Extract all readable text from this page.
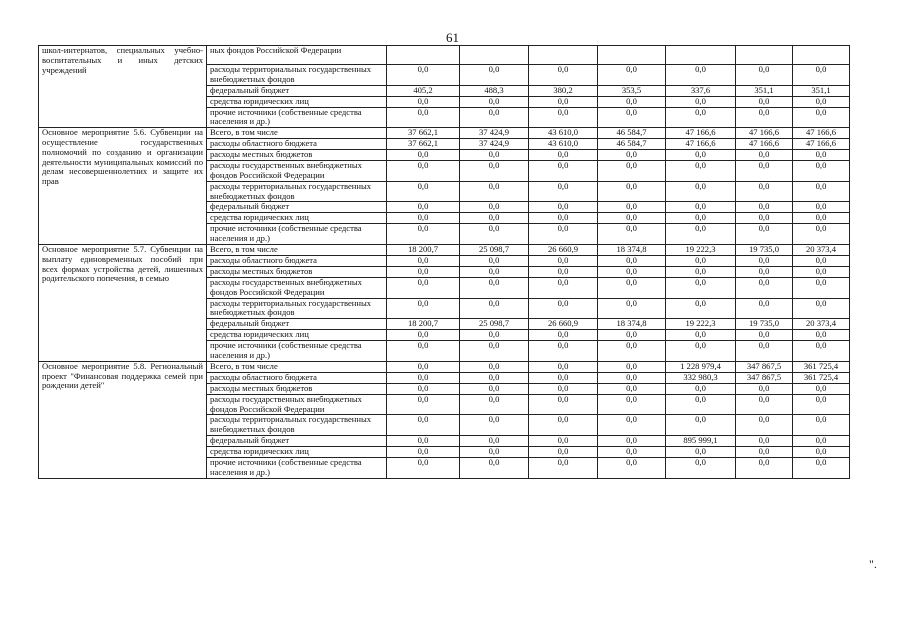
61
школ-интернатов, специальных учебно-воспитательных и иных детских учреждений	ных фондов Российской Федерации							
	расходы территориальных государственных внебюджетных фондов	0,0	0,0	0,0	0,0	0,0	0,0	0,0
	федеральный бюджет	405,2	488,3	380,2	353,5	337,6	351,1	351,1
	средства юридических лиц	0,0	0,0	0,0	0,0	0,0	0,0	0,0
	прочие источники (собственные средства населения и др.)	0,0	0,0	0,0	0,0	0,0	0,0	0,0
Основное мероприятие 5.6. Субвенции на осуществление государственных полномочий по созданию и организации деятельности муниципальных комиссий по делам несовершеннолетних и защите их прав	Всего, в том числе	37 662,1	37 424,9	43 610,0	46 584,7	47 166,6	47 166,6	47 166,6
	расходы областного бюджета	37 662,1	37 424,9	43 610,0	46 584,7	47 166,6	47 166,6	47 166,6
	расходы местных бюджетов	0,0	0,0	0,0	0,0	0,0	0,0	0,0
	расходы государственных внебюджетных фондов Российской Федерации	0,0	0,0	0,0	0,0	0,0	0,0	0,0
	расходы территориальных государственных внебюджетных фондов	0,0	0,0	0,0	0,0	0,0	0,0	0,0
	федеральный бюджет	0,0	0,0	0,0	0,0	0,0	0,0	0,0
	средства юридических лиц	0,0	0,0	0,0	0,0	0,0	0,0	0,0
	прочие источники (собственные средства населения и др.)	0,0	0,0	0,0	0,0	0,0	0,0	0,0
Основное мероприятие 5.7. Субвенции на выплату единовременных пособий при всех формах устройства детей, лишенных родительского попечения, в семью	Всего, в том числе	18 200,7	25 098,7	26 660,9	18 374,8	19 222,3	19 735,0	20 373,4
	расходы областного бюджета	0,0	0,0	0,0	0,0	0,0	0,0	0,0
	расходы местных бюджетов	0,0	0,0	0,0	0,0	0,0	0,0	0,0
	расходы государственных внебюджетных фондов Российской Федерации	0,0	0,0	0,0	0,0	0,0	0,0	0,0
	расходы территориальных государственных внебюджетных фондов	0,0	0,0	0,0	0,0	0,0	0,0	0,0
	федеральный бюджет	18 200,7	25 098,7	26 660,9	18 374,8	19 222,3	19 735,0	20 373,4
	средства юридических лиц	0,0	0,0	0,0	0,0	0,0	0,0	0,0
	прочие источники (собственные средства населения и др.)	0,0	0,0	0,0	0,0	0,0	0,0	0,0
Основное мероприятие 5.8. Региональный проект "Финансовая поддержка семей при рождении детей"	Всего, в том числе	0,0	0,0	0,0	0,0	1 228 979,4	347 867,5	361 725,4
	расходы областного бюджета	0,0	0,0	0,0	0,0	332 980,3	347 867,5	361 725,4
	расходы местных бюджетов	0,0	0,0	0,0	0,0	0,0	0,0	0,0
	расходы государственных внебюджетных фондов Российской Федерации	0,0	0,0	0,0	0,0	0,0	0,0	0,0
	расходы территориальных государственных внебюджетных фондов	0,0	0,0	0,0	0,0	0,0	0,0	0,0
	федеральный бюджет	0,0	0,0	0,0	0,0	895 999,1	0,0	0,0
	средства юридических лиц	0,0	0,0	0,0	0,0	0,0	0,0	0,0
	прочие источники (собственные средства населения и др.)	0,0	0,0	0,0	0,0	0,0	0,0	0,0
".
